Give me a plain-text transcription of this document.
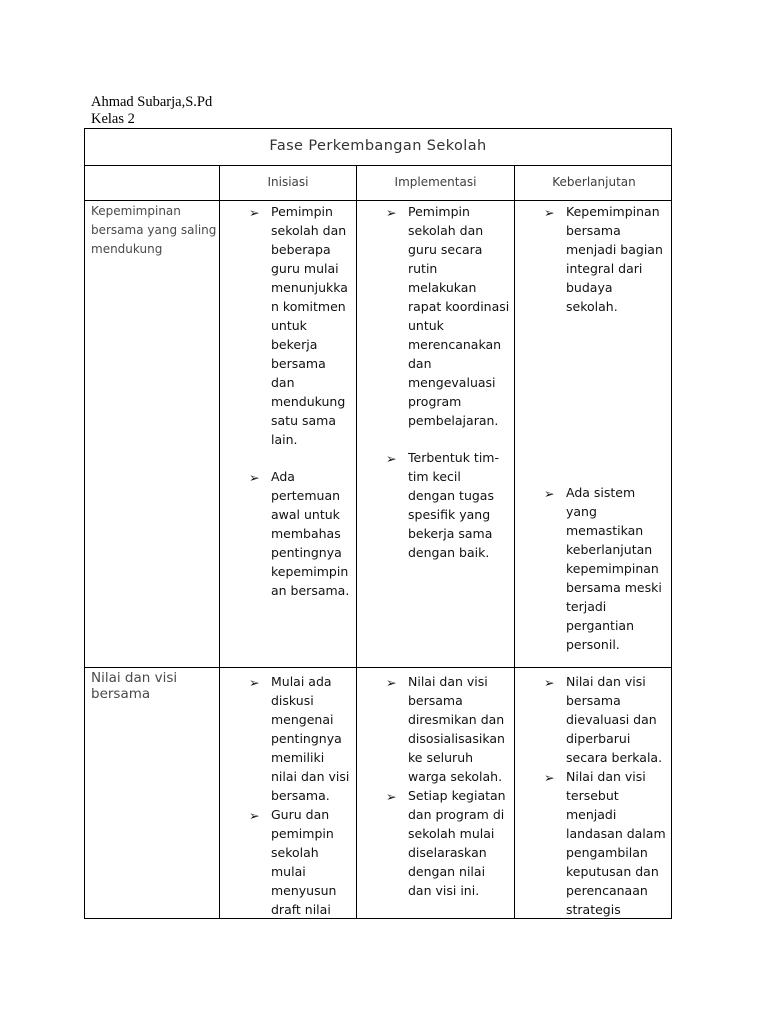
Ahmad Subarja,S.Pd
Kelas 2
Fase Perkembangan Sekolah
Inisiasi	Implementasi	Keberlanjutan
Kepemimpinan bersama yang saling mendukung
Nilai dan visi bersama
➢ Pemimpin
sekolah dan
beberapa
guru mulai
menunjukka
n komitmen
untuk
bekerja
bersama
dan
mendukung
satu sama
lain.
➢ Ada
pertemuan
awal untuk
membahas
pentingnya
kepemimpin
an bersama.
➢ Pemimpin
sekolah dan
guru secara
rutin
melakukan
rapat koordinasi
untuk
merencanakan
dan
mengevaluasi
program
pembelajaran.
➢ Terbentuk tim-
tim kecil
dengan tugas
spesifik yang
bekerja sama
dengan baik.
➢ Kepemimpinan
bersama
menjadi bagian
integral dari
budaya
sekolah.
➢ Ada sistem
yang
memastikan
keberlanjutan
kepemimpinan
bersama meski
terjadi
pergantian
personil.
➢ Mulai ada
diskusi
mengenai
pentingnya
memiliki
nilai dan visi
bersama.
➢ Guru dan
pemimpin
sekolah
mulai
menyusun
draft nilai
➢ Nilai dan visi
bersama
diresmikan dan
disosialisasikan
ke seluruh
warga sekolah.
➢ Setiap kegiatan
dan program di
sekolah mulai
diselaraskan
dengan nilai
dan visi ini.
➢ Nilai dan visi
bersama
dievaluasi dan
diperbarui
secara berkala.
➢ Nilai dan visi
tersebut
menjadi
landasan dalam
pengambilan
keputusan dan
perencanaan
strategis
